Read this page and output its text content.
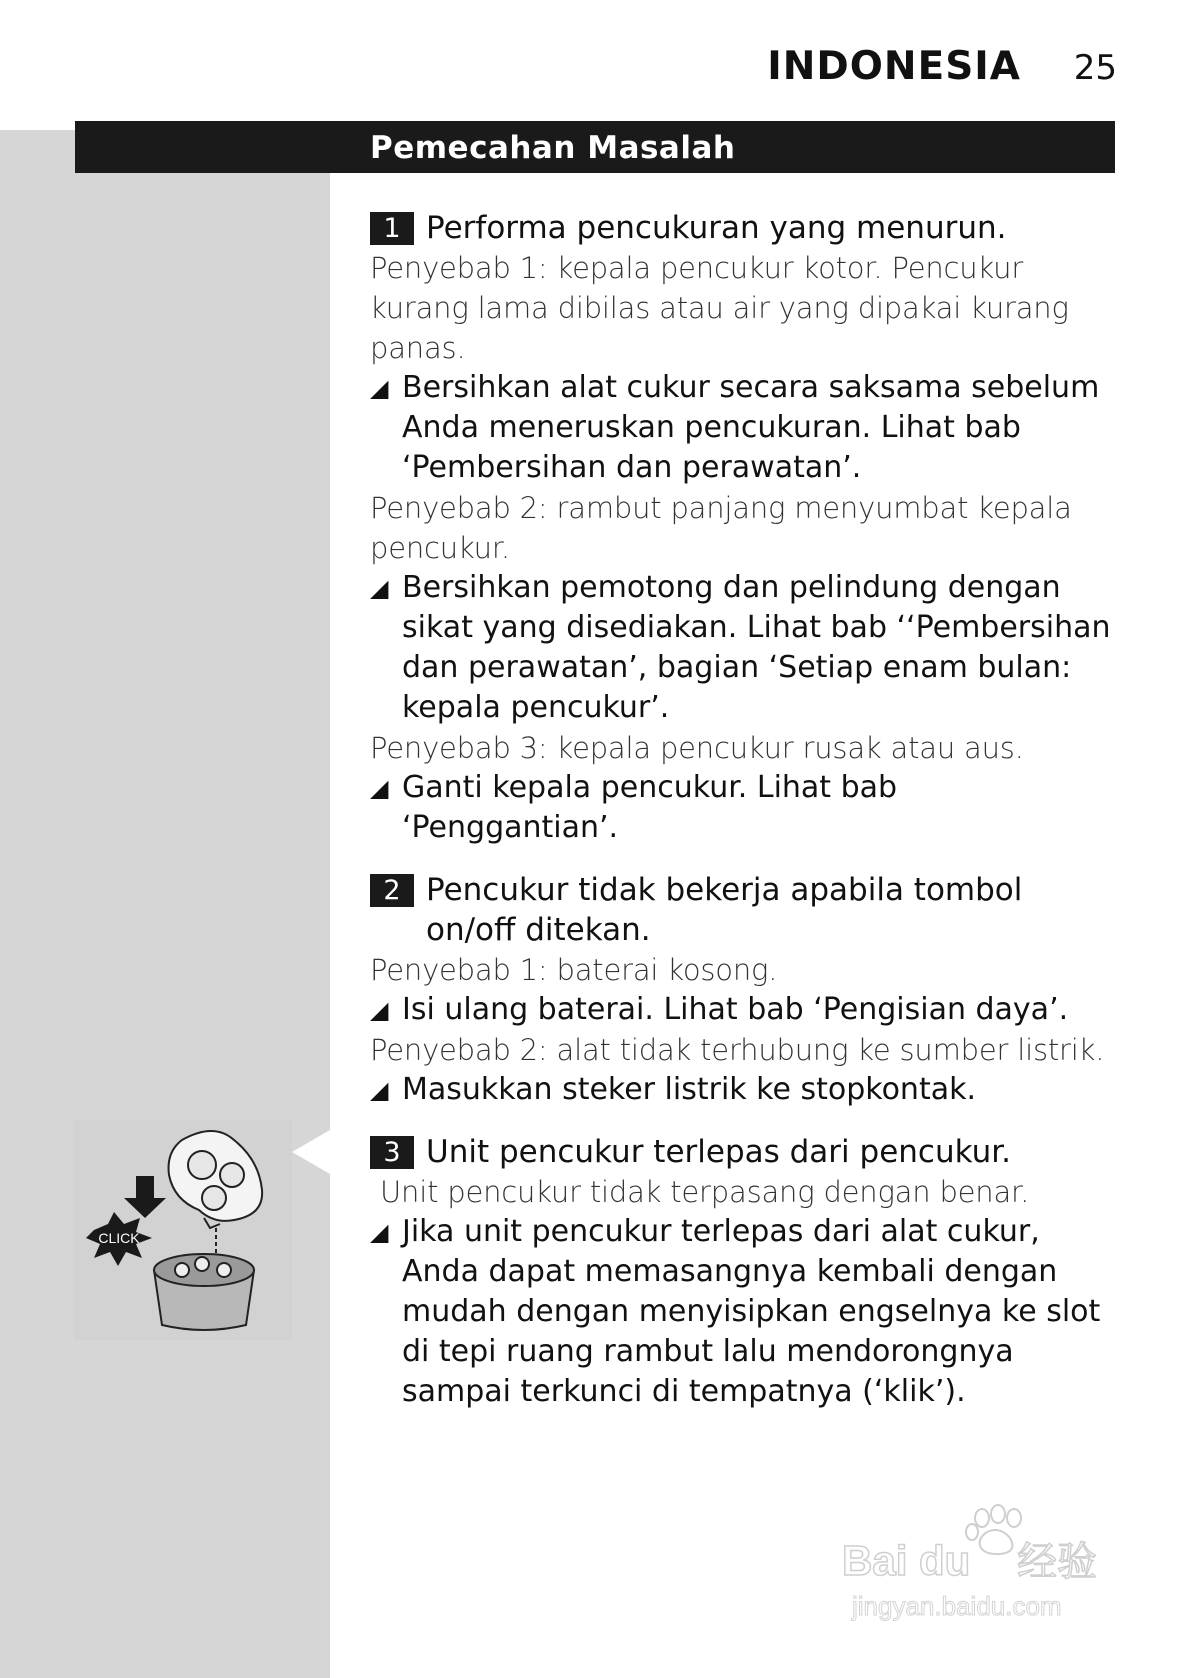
INDONESIA 25
Pemecahan Masalah
1 Performa pencukuran yang menurun.
Penyebab 1: kepala pencukur kotor. Pencukur kurang lama dibilas atau air yang dipakai kurang panas.
◢ Bersihkan alat cukur secara saksama sebelum Anda meneruskan pencukuran. Lihat bab ‘Pembersihan dan perawatan’.
Penyebab 2: rambut panjang menyumbat kepala pencukur.
◢ Bersihkan pemotong dan pelindung dengan sikat yang disediakan. Lihat bab ‘‘Pembersihan dan perawatan’, bagian ‘Setiap enam bulan: kepala pencukur’.
Penyebab 3: kepala pencukur rusak atau aus.
◢ Ganti kepala pencukur. Lihat bab ‘Penggantian’.
2 Pencukur tidak bekerja apabila tombol on/off ditekan.
Penyebab 1: baterai kosong.
◢ Isi ulang baterai. Lihat bab ‘Pengisian daya’.
Penyebab 2: alat tidak terhubung ke sumber listrik.
◢ Masukkan steker listrik ke stopkontak.
3 Unit pencukur terlepas dari pencukur.
Unit pencukur tidak terpasang dengan benar.
◢ Jika unit pencukur terlepas dari alat cukur, Anda dapat memasangnya kembali dengan mudah dengan menyisipkan engselnya ke slot di tepi ruang rambut lalu mendorongnya sampai terkunci di tempatnya (‘klik’).
CLICK
Bai du 经验
jingyan.baidu.com
